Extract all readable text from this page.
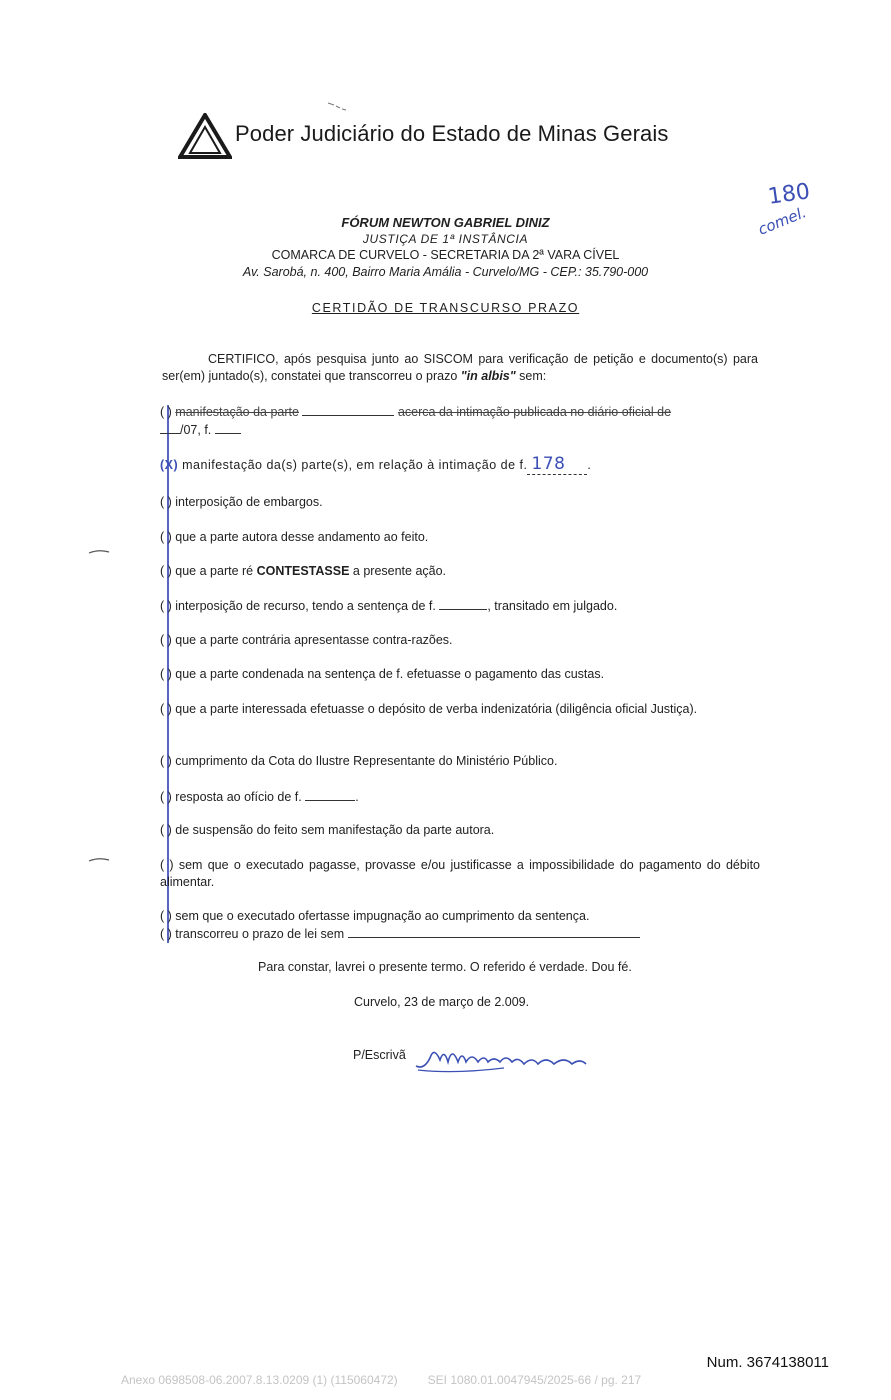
Poder Judiciário do Estado de Minas Gerais
180
comel.
FÓRUM NEWTON GABRIEL DINIZ
JUSTIÇA DE 1ª INSTÂNCIA
COMARCA DE CURVELO - SECRETARIA DA 2ª VARA CÍVEL
Av. Sarobá, n. 400, Bairro Maria Amália - Curvelo/MG - CEP.: 35.790-000
CERTIDÃO DE TRANSCURSO PRAZO
CERTIFICO, após pesquisa junto ao SISCOM para verificação de petição e documento(s) para ser(em) juntado(s), constatei que transcorreu o prazo "in albis" sem:
( ) manifestação da parte	acerca da intimação publicada no diário oficial de
/07, f.
(X) manifestação da(s) parte(s), em relação à intimação de f. 178 .
( ) interposição de embargos.
( ) que a parte autora desse andamento ao feito.
( ) que a parte ré CONTESTASSE a presente ação.
( ) interposição de recurso, tendo a sentença de f.	, transitado em julgado.
( ) que a parte contrária apresentasse contra-razões.
( ) que a parte condenada na sentença de f. efetuasse o pagamento das custas.
( ) que a parte interessada efetuasse o depósito de verba indenizatória (diligência oficial Justiça).
( ) cumprimento da Cota do Ilustre Representante do Ministério Público.
( ) resposta ao ofício de f.	.
( ) de suspensão do feito sem manifestação da parte autora.
( ) sem que o executado pagasse, provasse e/ou justificasse a impossibilidade do pagamento do débito alimentar.
( ) sem que o executado ofertasse impugnação ao cumprimento da sentença.
( ) transcorreu o prazo de lei sem
Para constar, lavrei o presente termo. O referido é verdade. Dou fé.
Curvelo, 23 de março de 2.009.
P/Escrivã
Num. 3674138011
Anexo 0698508-06.2007.8.13.0209 (1) (115060472)         SEI 1080.01.0047945/2025-66 / pg. 217
